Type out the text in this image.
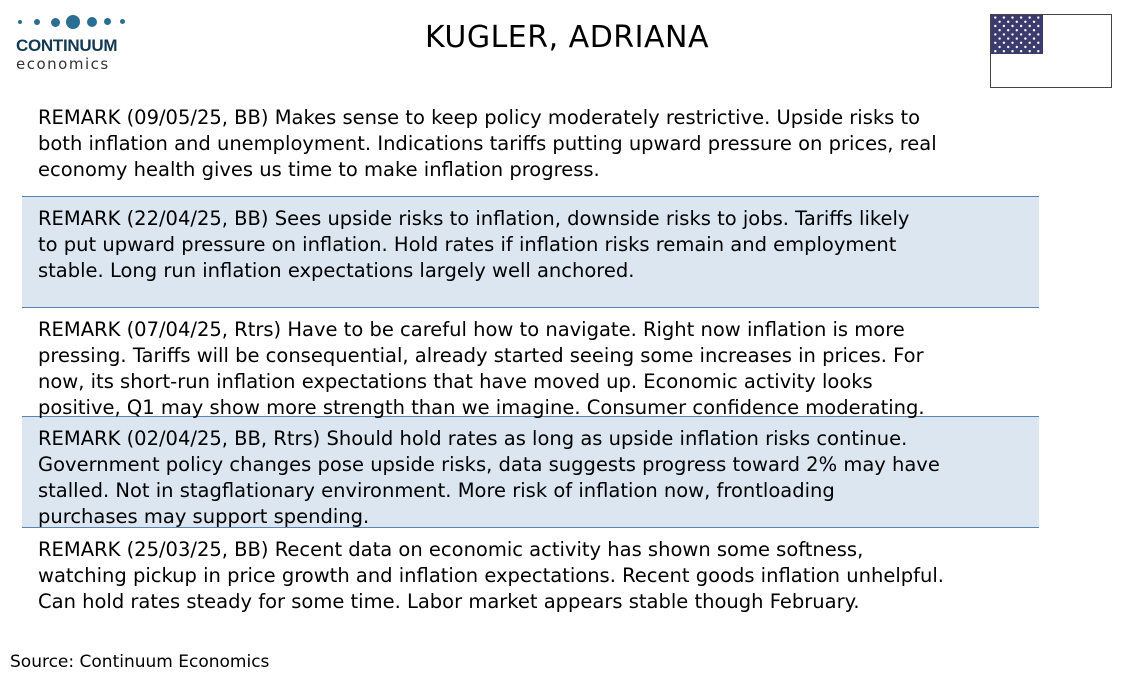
CONTINUUM
economics
KUGLER, ADRIANA
REMARK (09/05/25, BB) Makes sense to keep policy moderately restrictive. Upside risks to
both inflation and unemployment. Indications tariffs putting upward pressure on prices, real
economy health gives us time to make inflation progress.
REMARK (22/04/25, BB) Sees upside risks to inflation, downside risks to jobs. Tariffs likely
to put upward pressure on inflation. Hold rates if inflation risks remain and employment
stable. Long run inflation expectations largely well anchored.
REMARK (07/04/25, Rtrs) Have to be careful how to navigate. Right now inflation is more
pressing. Tariffs will be consequential, already started seeing some increases in prices. For
now, its short-run inflation expectations that have moved up. Economic activity looks
positive, Q1 may show more strength than we imagine. Consumer confidence moderating.
REMARK (02/04/25, BB, Rtrs) Should hold rates as long as upside inflation risks continue.
Government policy changes pose upside risks, data suggests progress toward 2% may have
stalled. Not in stagflationary environment. More risk of inflation now, frontloading
purchases may support spending.
REMARK (25/03/25, BB) Recent data on economic activity has shown some softness,
watching pickup in price growth and inflation expectations. Recent goods inflation unhelpful.
Can hold rates steady for some time. Labor market appears stable though February.
Source: Continuum Economics
